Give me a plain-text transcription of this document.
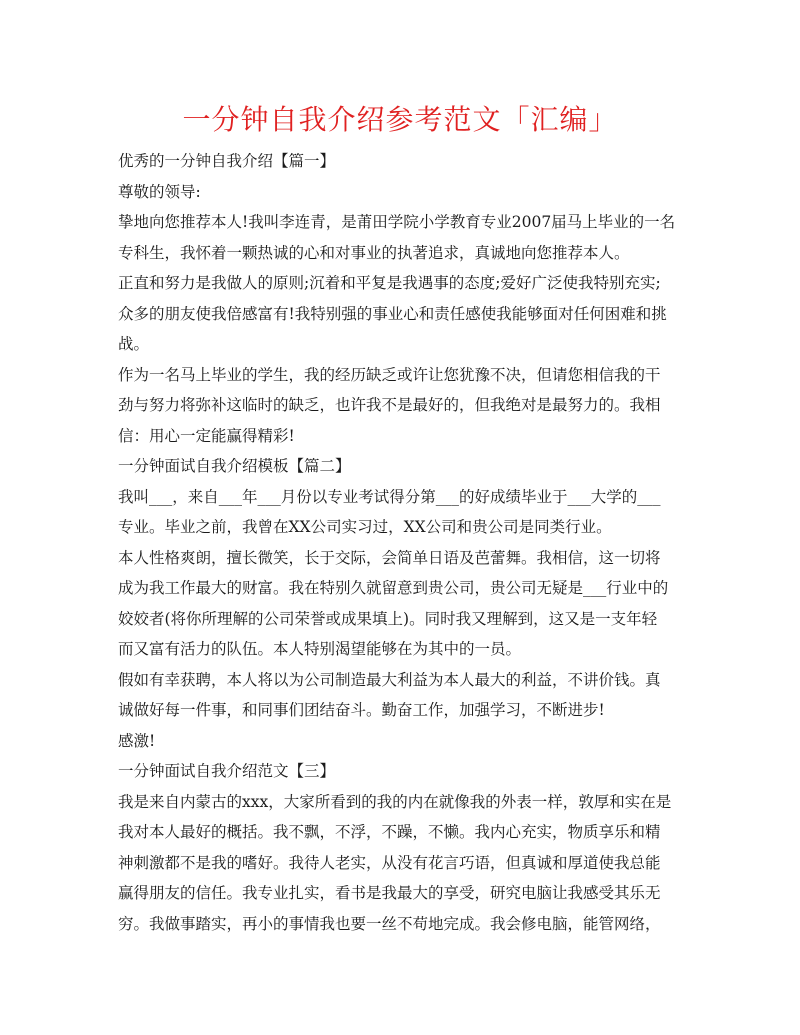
一分钟自我介绍参考范文「汇编」
优秀的一分钟自我介绍【篇一】
尊敬的领导:
挚地向您推荐本人!我叫李连青，是莆田学院小学教育专业2007届马上毕业的一名
专科生，我怀着一颗热诚的心和对事业的执著追求，真诚地向您推荐本人。
正直和努力是我做人的原则;沉着和平复是我遇事的态度;爱好广泛使我特别充实;
众多的朋友使我倍感富有!我特别强的事业心和责任感使我能够面对任何困难和挑
战。
作为一名马上毕业的学生，我的经历缺乏或许让您犹豫不决，但请您相信我的干
劲与努力将弥补这临时的缺乏，也许我不是最好的，但我绝对是最努力的。我相
信：用心一定能赢得精彩!
一分钟面试自我介绍模板【篇二】
我叫___，来自___年___月份以专业考试得分第___的好成绩毕业于___大学的___
专业。毕业之前，我曾在XX公司实习过，XX公司和贵公司是同类行业。
本人性格爽朗，擅长微笑，长于交际，会简单日语及芭蕾舞。我相信，这一切将
成为我工作最大的财富。我在特别久就留意到贵公司，贵公司无疑是___行业中的
姣姣者(将你所理解的公司荣誉或成果填上)。同时我又理解到，这又是一支年轻
而又富有活力的队伍。本人特别渴望能够在为其中的一员。
假如有幸获聘，本人将以为公司制造最大利益为本人最大的利益，不讲价钱。真
诚做好每一件事，和同事们团结奋斗。勤奋工作，加强学习，不断进步!
感激!
一分钟面试自我介绍范文【三】
我是来自内蒙古的xxx，大家所看到的我的内在就像我的外表一样，敦厚和实在是
我对本人最好的概括。我不飘，不浮，不躁，不懒。我内心充实，物质享乐和精
神刺激都不是我的嗜好。我待人老实，从没有花言巧语，但真诚和厚道使我总能
赢得朋友的信任。我专业扎实，看书是我最大的享受，研究电脑让我感受其乐无
穷。我做事踏实，再小的事情我也要一丝不苟地完成。我会修电脑，能管网络，
